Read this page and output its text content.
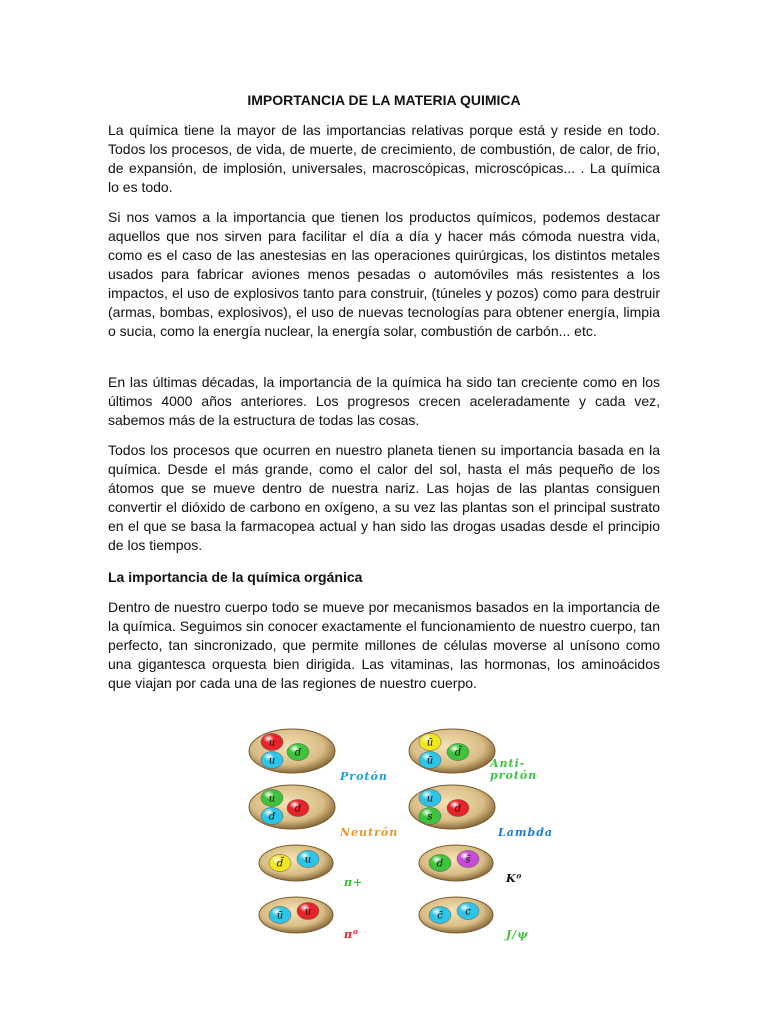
IMPORTANCIA DE LA MATERIA QUIMICA

La química tiene la mayor de las importancias relativas porque está y reside en todo. Todos los procesos, de vida, de muerte, de crecimiento, de combustión, de calor, de frio, de expansión, de implosión, universales, macroscópicas, microscópicas... . La química lo es todo.

Si nos vamos a la importancia que tienen los productos químicos, podemos destacar aquellos que nos sirven para facilitar el día a día y hacer más cómoda nuestra vida, como es el caso de las anestesias en las operaciones quirúrgicas, los distintos metales usados para fabricar aviones menos pesadas o automóviles más resistentes a los impactos, el uso de explosivos tanto para construir, (túneles y pozos) como para destruir (armas, bombas, explosivos), el uso de nuevas tecnologías para obtener energía, limpia o sucia, como la energía nuclear, la energía solar, combustión de carbón... etc.

En las últimas décadas, la importancia de la química ha sido tan creciente como en los últimos 4000 años anteriores. Los progresos crecen aceleradamente y cada vez, sabemos más de la estructura de todas las cosas.

Todos los procesos que ocurren en nuestro planeta tienen su importancia basada en la química. Desde el más grande, como el calor del sol, hasta el más pequeño de los átomos que se mueve dentro de nuestra nariz. Las hojas de las plantas consiguen convertir el dióxido de carbono en oxígeno, a su vez las plantas son el principal sustrato en el que se basa la farmacopea actual y han sido las drogas usadas desde el principio de los tiempos.

La importancia de la química orgánica

Dentro de nuestro cuerpo todo se mueve por mecanismos basados en la importancia de la química. Seguimos sin conocer exactamente el funcionamiento de nuestro cuerpo, tan perfecto, tan sincronizado, que permite millones de células moverse al unísono como una gigantesca orquesta bien dirigida. Las vitaminas, las hormonas, los aminoácidos que viajan por cada una de las regiones de nuestro cuerpo.

u
u
d
Protón
ū
ū
d̄
Anti-protón
u
d
d
Neutrón
u
s
d
Lambda
d̄ u
π+
d s̄
K⁰
ū u
π⁰
c̄ c
J/ψ
